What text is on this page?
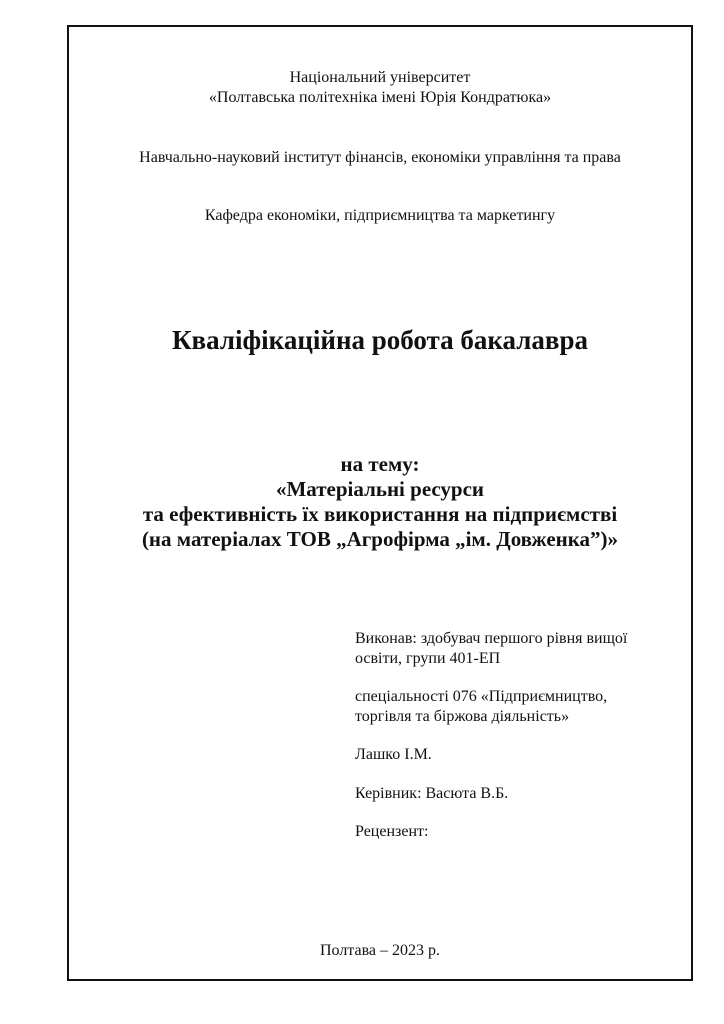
Національний університет
«Полтавська політехніка імені Юрія Кондратюка»
Навчально-науковий інститут фінансів, економіки управління та права
Кафедра економіки, підприємництва та маркетингу
Кваліфікаційна робота бакалавра
на тему:
«Матеріальні ресурси
та ефективність їх використання на підприємстві
(на матеріалах ТОВ „Агрофірма „ім. Довженка”)»
Виконав: здобувач першого рівня вищої
освіти, групи 401-ЕП
спеціальності 076 «Підприємництво,
торгівля та біржова діяльність»
Лашко І.М.
Керівник: Васюта В.Б.
Рецензент:
Полтава – 2023 р.
